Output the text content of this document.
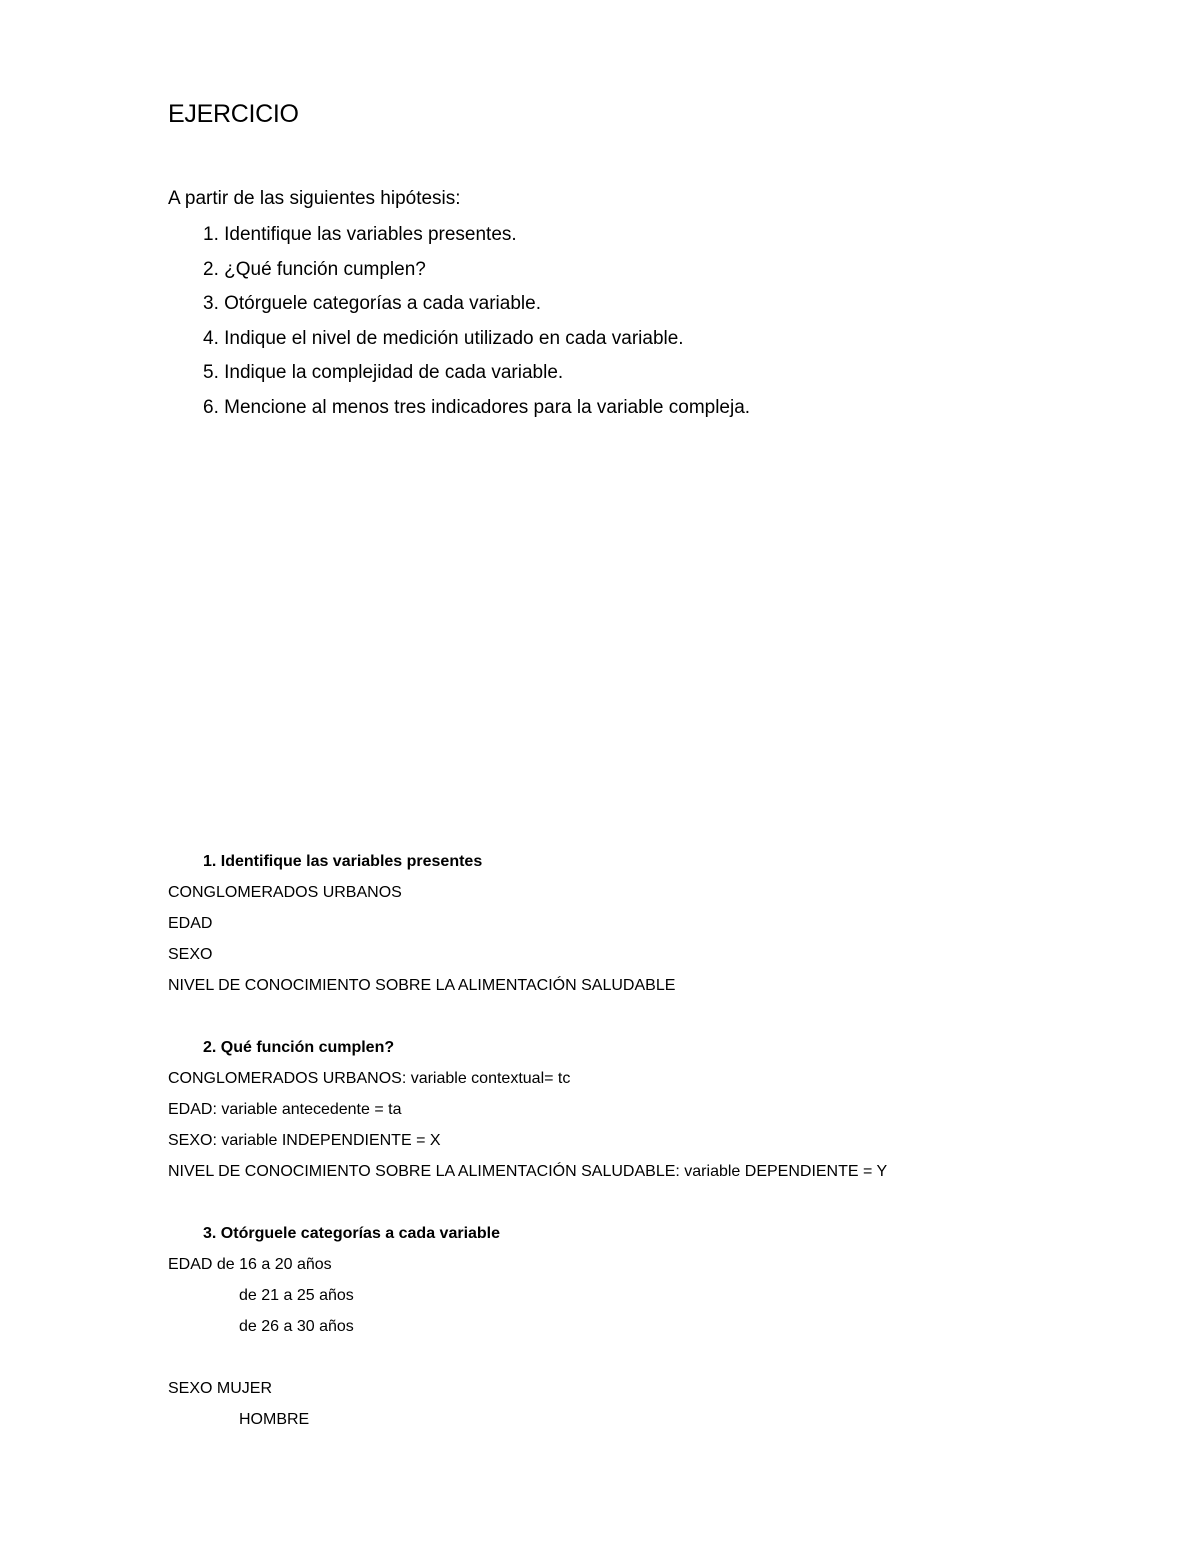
EJERCICIO
A partir de las siguientes hipótesis:
1. Identifique las variables presentes.
2. ¿Qué función cumplen?
3. Otórguele categorías a cada variable.
4. Indique el nivel de medición utilizado en cada variable.
5. Indique la complejidad de cada variable.
6. Mencione al menos tres indicadores para la variable compleja.
1. Identifique las variables presentes
CONGLOMERADOS URBANOS
EDAD
SEXO
NIVEL DE CONOCIMIENTO SOBRE LA ALIMENTACIÓN SALUDABLE
2. Qué función cumplen?
CONGLOMERADOS URBANOS: variable contextual= tc
EDAD: variable antecedente = ta
SEXO: variable INDEPENDIENTE = X
NIVEL DE CONOCIMIENTO SOBRE LA ALIMENTACIÓN SALUDABLE: variable DEPENDIENTE = Y
3. Otórguele categorías a cada variable
EDAD de 16 a 20 años
de 21 a 25 años
de 26 a 30 años
SEXO MUJER
HOMBRE
